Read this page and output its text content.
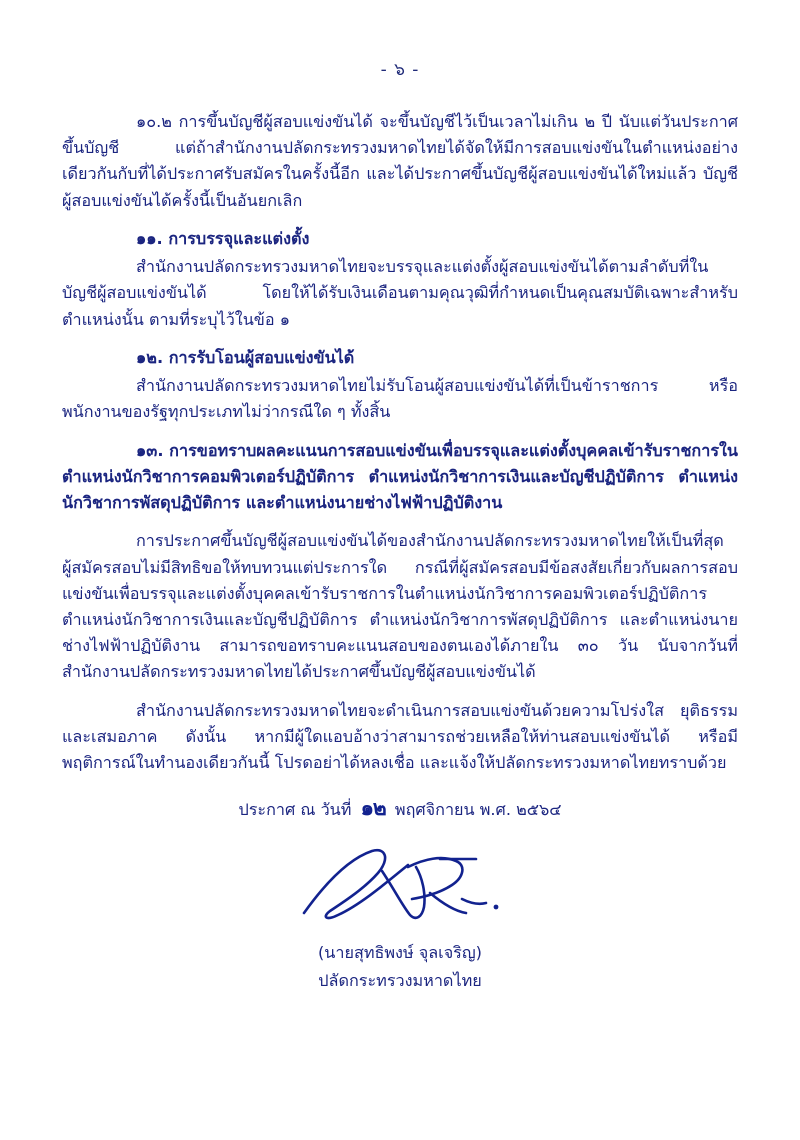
- ๖ -

๑๐.๒ การขึ้นบัญชีผู้สอบแข่งขันได้ จะขึ้นบัญชีไว้เป็นเวลาไม่เกิน ๒ ปี นับแต่วันประกาศขึ้นบัญชี แต่ถ้าสำนักงานปลัดกระทรวงมหาดไทยได้จัดให้มีการสอบแข่งขันในตำแหน่งอย่างเดียวกันกับที่ได้ประกาศรับสมัครในครั้งนี้อีก และได้ประกาศขึ้นบัญชีผู้สอบแข่งขันได้ใหม่แล้ว บัญชีผู้สอบแข่งขันได้ครั้งนี้เป็นอันยกเลิก

๑๑. การบรรจุและแต่งตั้ง

สำนักงานปลัดกระทรวงมหาดไทยจะบรรจุและแต่งตั้งผู้สอบแข่งขันได้ตามลำดับที่ในบัญชีผู้สอบแข่งขันได้ โดยให้ได้รับเงินเดือนตามคุณวุฒิที่กำหนดเป็นคุณสมบัติเฉพาะสำหรับตำแหน่งนั้น ตามที่ระบุไว้ในข้อ ๑

๑๒. การรับโอนผู้สอบแข่งขันได้

สำนักงานปลัดกระทรวงมหาดไทยไม่รับโอนผู้สอบแข่งขันได้ที่เป็นข้าราชการ หรือพนักงานของรัฐทุกประเภทไม่ว่ากรณีใด ๆ ทั้งสิ้น

๑๓. การขอทราบผลคะแนนการสอบแข่งขันเพื่อบรรจุและแต่งตั้งบุคคลเข้ารับราชการในตำแหน่งนักวิชาการคอมพิวเตอร์ปฏิบัติการ ตำแหน่งนักวิชาการเงินและบัญชีปฏิบัติการ ตำแหน่งนักวิชาการพัสดุปฏิบัติการ และตำแหน่งนายช่างไฟฟ้าปฏิบัติงาน

การประกาศขึ้นบัญชีผู้สอบแข่งขันได้ของสำนักงานปลัดกระทรวงมหาดไทยให้เป็นที่สุด ผู้สมัครสอบไม่มีสิทธิขอให้ทบทวนแต่ประการใด กรณีที่ผู้สมัครสอบมีข้อสงสัยเกี่ยวกับผลการสอบแข่งขันเพื่อบรรจุและแต่งตั้งบุคคลเข้ารับราชการในตำแหน่งนักวิชาการคอมพิวเตอร์ปฏิบัติการ ตำแหน่งนักวิชาการเงินและบัญชีปฏิบัติการ ตำแหน่งนักวิชาการพัสดุปฏิบัติการ และตำแหน่งนายช่างไฟฟ้าปฏิบัติงาน สามารถขอทราบคะแนนสอบของตนเองได้ภายใน ๓๐ วัน นับจากวันที่สำนักงานปลัดกระทรวงมหาดไทยได้ประกาศขึ้นบัญชีผู้สอบแข่งขันได้

สำนักงานปลัดกระทรวงมหาดไทยจะดำเนินการสอบแข่งขันด้วยความโปร่งใส ยุติธรรม และเสมอภาค ดังนั้น หากมีผู้ใดแอบอ้างว่าสามารถช่วยเหลือให้ท่านสอบแข่งขันได้ หรือมีพฤติการณ์ในทำนองเดียวกันนี้ โปรดอย่าได้หลงเชื่อ และแจ้งให้ปลัดกระทรวงมหาดไทยทราบด้วย

ประกาศ ณ วันที่ ๑๒ พฤศจิกายน พ.ศ. ๒๕๖๔
(นายสุทธิพงษ์ จุลเจริญ)
ปลัดกระทรวงมหาดไทย
